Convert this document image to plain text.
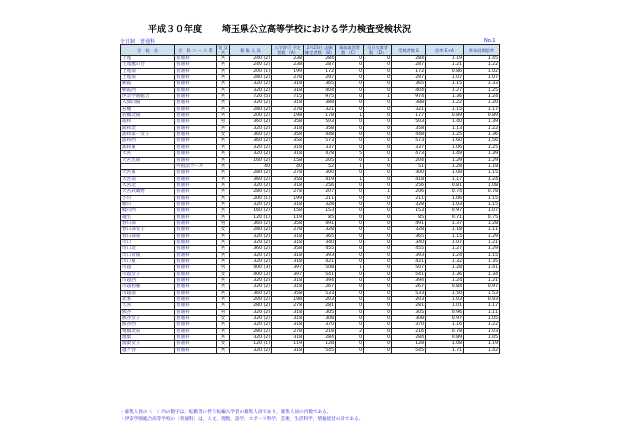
平成３０年度 埼玉県公立高等学校における学力検査受検状況
全日制　普通科	No.1
学　校　名	学　科 コ ー ス 系	男 女 共	募 集 人 員	入学許可 予定者数 （A）	2月23日 志願確定者数 （B）	事前取消者数 （C）	当日欠席者数 （D）	受検者数 E	倍率 E÷A	昨年同期倍率
上尾	普通科	共	240 (2)	238	284	0	0	284	1.19	1.45
上尾鷹の台	普通科	共	240 (2)	238	287	0	0	287	1.21	1.22
上尾南	普通科	共	200 (1)	199	172	0	0	172	0.86	1.02
上尾南	普通科	共	280 (2)	278	297	0	0	297	1.07	1.07
朝霞	普通科	共	320 (2)	318	365	0	0	365	1.15	1.33
朝霞西	普通科	共	320 (2)	318	404	0	0	404	1.27	1.25
伊奈学園総合	普通科	共	720 (5)	715	975	0	1	974	1.36	1.24
入間向陽	普通科	共	320 (2)	318	388	0	0	388	1.22	1.20
岩槻	普通科	共	280 (2)	278	321	0	0	321	1.15	1.17
岩槻北陵	普通科	共	200 (2)	198	178	1	0	177	0.89	0.89
浦和	普通科	男	360 (2)	358	503	0	0	503	1.40	1.39
浦和北	普通科	共	320 (2)	318	358	0	0	358	1.13	1.22
浦和第一女子	普通科	女	360 (2)	358	448	0	0	448	1.25	1.36
浦和西	普通科	共	360 (2)	358	573	0	0	573	1.60	1.56
浦和東	普通科	共	320 (2)	318	337	0	0	337	1.06	1.25
大宮	普通科	共	320 (2)	318	478	5	0	473	1.49	1.39
大宮光陵	普通科	共	160 (2)	158	205	0	1	204	1.29	1.29
	外国語コース	共	40	40	52	1	0	51	1.28	1.18
大宮東	普通科	共	280 (2)	278	300	0	0	300	1.08	1.15
大宮南	普通科	共	360 (2)	358	419	1	0	418	1.17	1.24
大宮北	普通科	共	320 (2)	318	256	0	0	256	0.81	1.08
大宮武蔵野	普通科	共	280 (2)	278	207	0	1	206	0.74	0.78
小川	普通科	共	200 (1)	199	211	0	0	211	1.06	1.15
桶川	普通科	共	320 (2)	318	328	0	0	328	1.03	1.15
桶川西	普通科	共	160 (2)	158	153	0	0	153	0.97	1.07
越生	普通科	共	120 (1)	119	85	0	0	85	0.71	0.75
春日部	普通科	男	360 (2)	358	491	0	0	491	1.37	1.28
春日部女子	普通科	女	280 (2)	278	328	0	0	328	1.18	1.11
春日部東	普通科	共	320 (2)	318	365	0	0	365	1.15	1.29
川口	普通科	共	320 (2)	318	340	0	0	340	1.07	1.21
川口北	普通科	共	360 (2)	358	455	0	0	455	1.27	1.29
川口青陵	普通科	共	320 (2)	318	393	0	0	393	1.24	1.15
川口東	普通科	共	320 (2)	318	421	0	0	421	1.32	1.35
川越	普通科	男	400 (3)	397	508	1	0	507	1.28	1.41
川越女子	普通科	女	400 (3)	397	541	0	0	541	1.36	1.34
川越西	普通科	共	320 (2)	318	394	0	0	394	1.24	1.21
川越初雁	普通科	共	320 (2)	318	267	0	0	267	0.84	0.97
川越南	普通科	共	360 (2)	358	533	0	0	533	1.50	1.53
北本	普通科	共	200 (2)	198	203	0	0	203	1.03	0.93
久喜	普通科	共	280 (2)	278	281	0	0	281	1.01	1.17
熊谷	普通科	男	320 (2)	318	305	0	0	305	0.96	1.11
熊谷女子	普通科	女	320 (2)	318	308	0	0	308	0.97	1.05
熊谷西	普通科	共	320 (2)	318	370	0	0	370	1.16	1.22
栗橋北彩	普通科	共	280 (2)	278	218	2	0	216	0.78	1.03
鴻巣	普通科	共	320 (2)	318	284	0	0	284	0.89	1.05
鴻巣女子	普通科	女	120 (1)	119	128	0	0	128	1.08	1.19
越ケ谷	普通科	共	320 (2)	318	545	0	0	545	1.71	1.42
・募集人員の（　）内の数字は，転勤等に伴う転編入学者の募集人員であり，募集人員の内数である。
・伊奈学園総合高等学校の〔普通科〕は，人文，理数，語学，スポーツ科学，芸術，生活科学，情報経営の計である。
